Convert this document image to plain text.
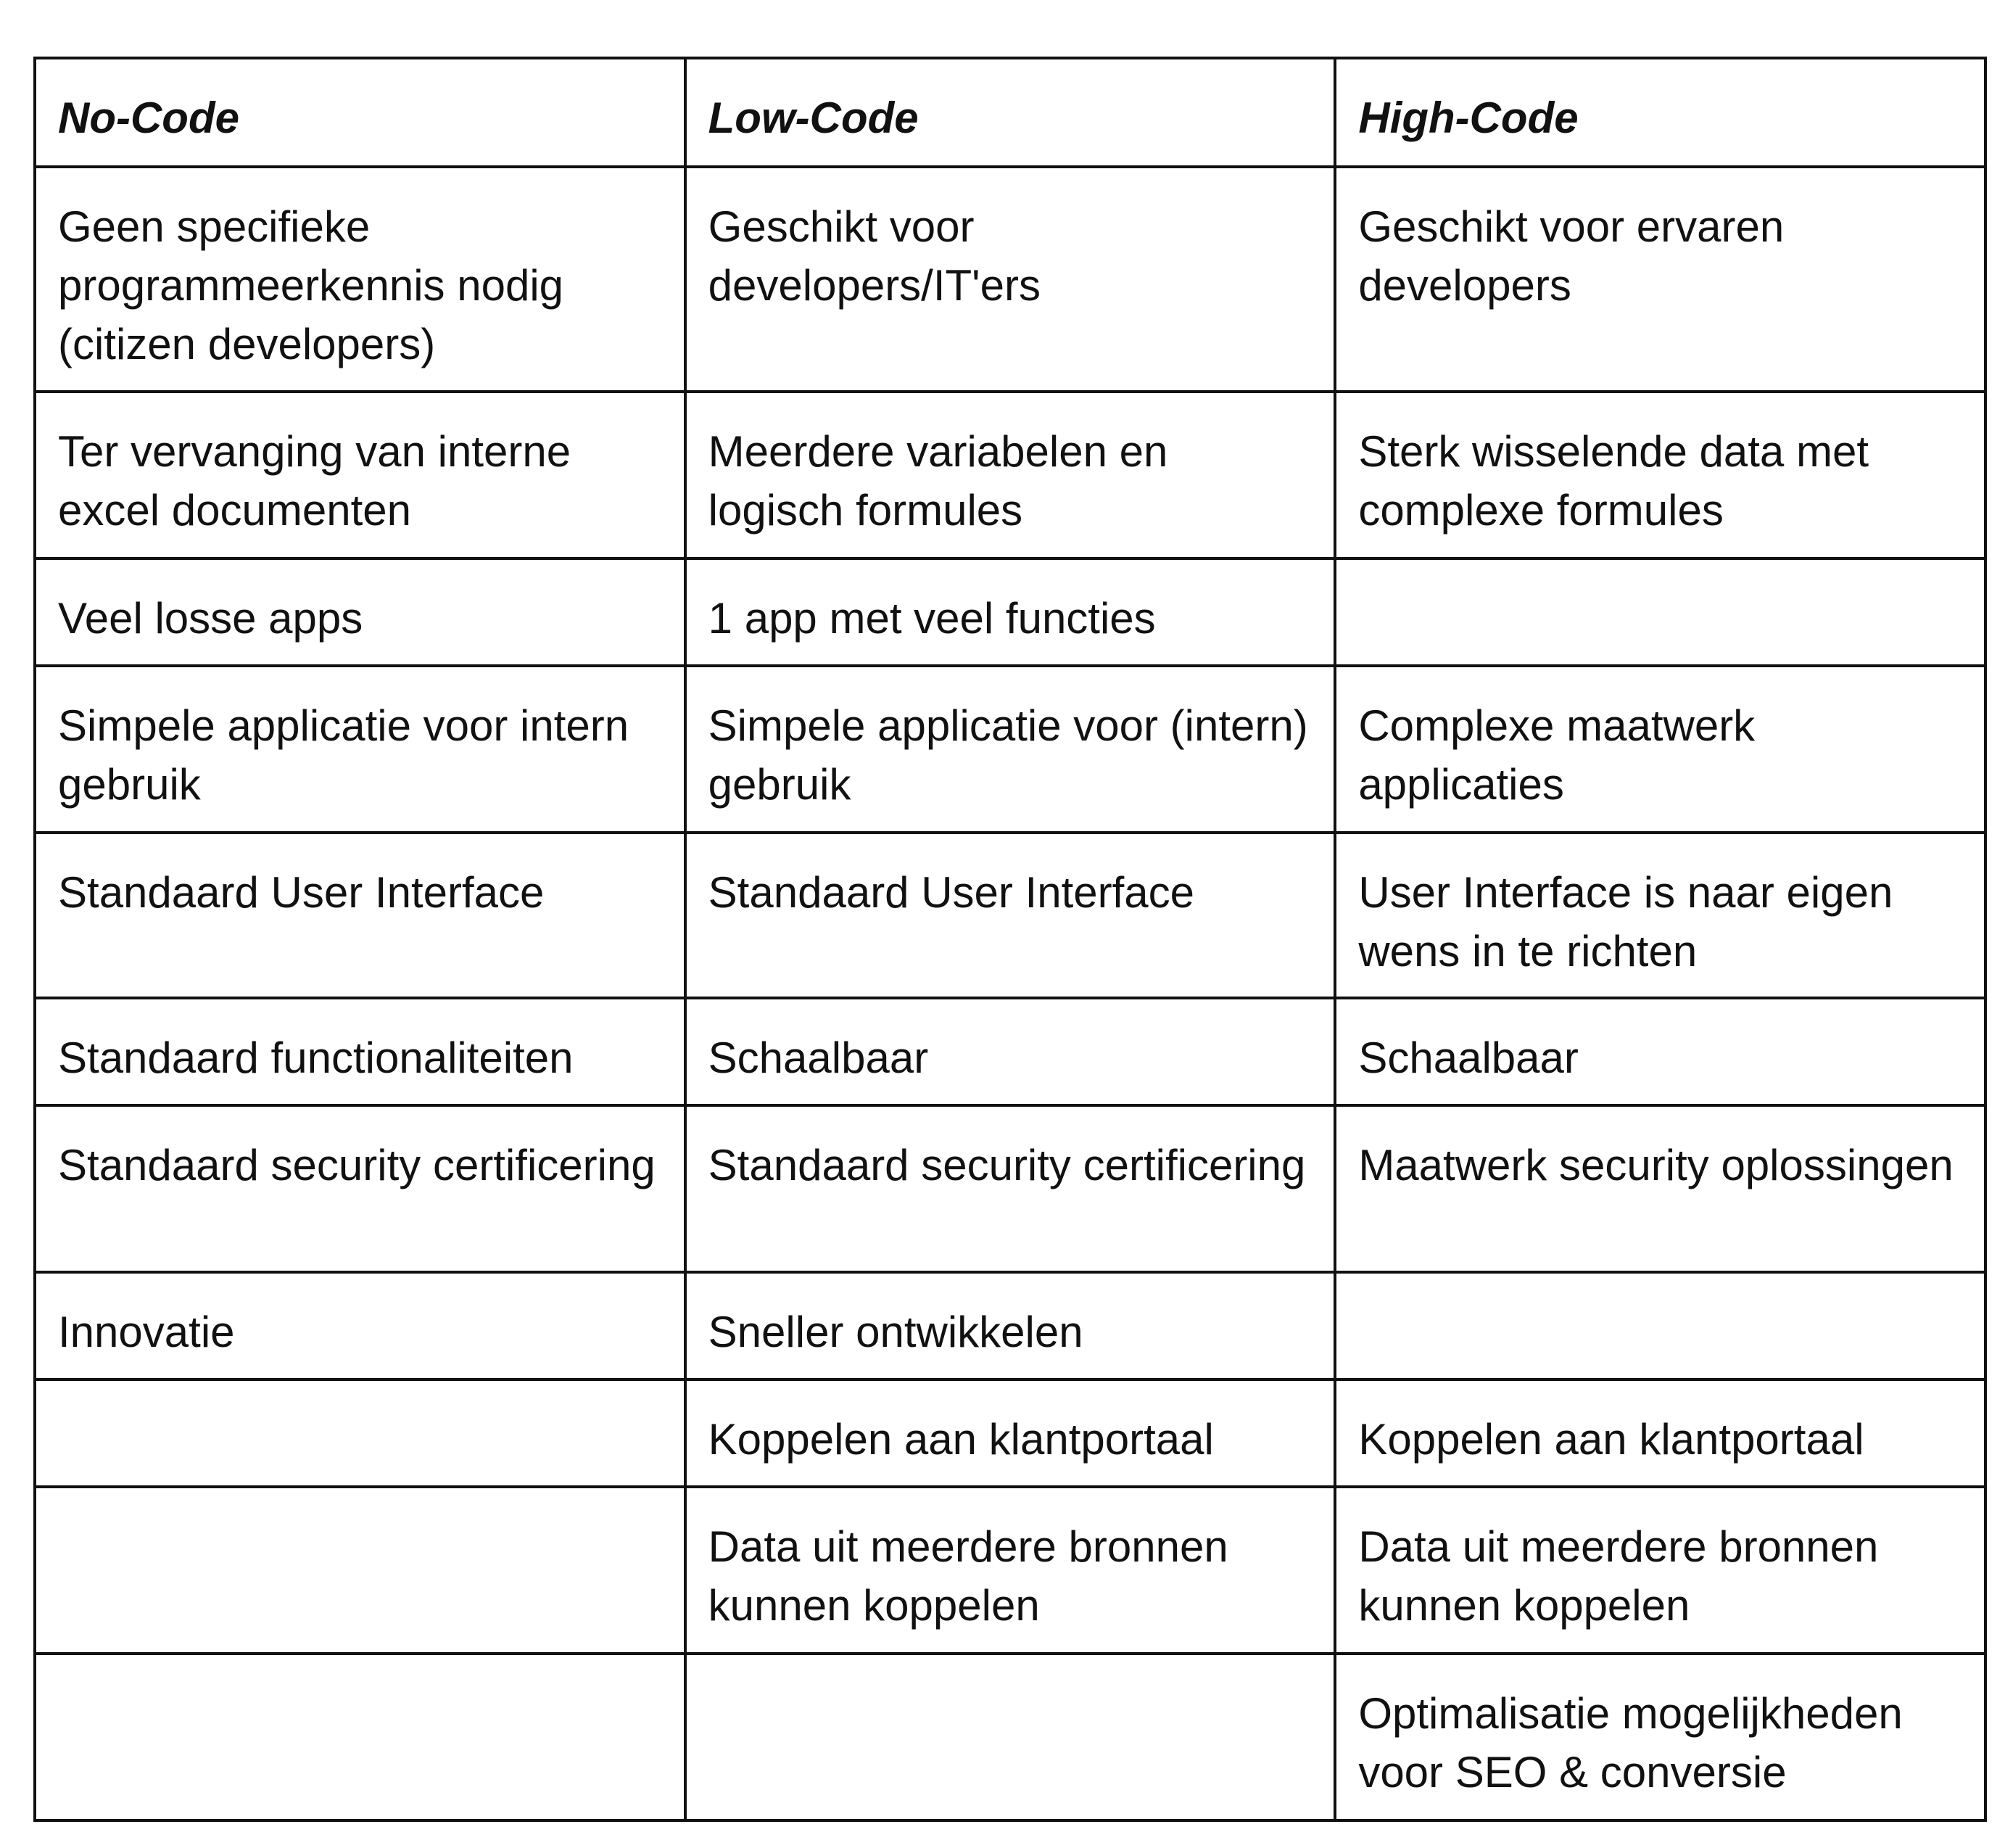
No-Code	Low-Code	High-Code
Geen specifieke programmeerkennis nodig (citizen developers)	Geschikt voor developers/IT'ers	Geschikt voor ervaren developers
Ter vervanging van interne excel documenten	Meerdere variabelen en logisch formules	Sterk wisselende data met complexe formules
Veel losse apps	1 app met veel functies	
Simpele applicatie voor intern gebruik	Simpele applicatie voor (intern) gebruik	Complexe maatwerk applicaties
Standaard User Interface	Standaard User Interface	User Interface is naar eigen wens in te richten
Standaard functionaliteiten	Schaalbaar	Schaalbaar
Standaard security certificering	Standaard security certificering	Maatwerk security oplossingen
Innovatie	Sneller ontwikkelen	
	Koppelen aan klantportaal	Koppelen aan klantportaal
	Data uit meerdere bronnen kunnen koppelen	Data uit meerdere bronnen kunnen koppelen
		Optimalisatie mogelijkheden voor SEO & conversie
